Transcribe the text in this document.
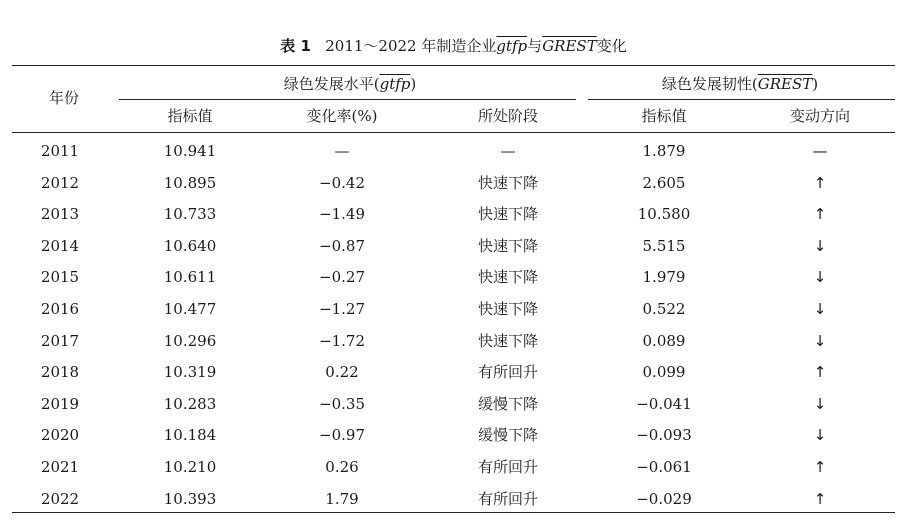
表 1 2011～2022 年制造企业gtfp与GREST变化
年份
绿色发展水平(gtfp)	绿色发展韧性(GREST)
指标值	变化率(%)	所处阶段	指标值	变动方向
2011	10.941	—	—	1.879	—
2012	10.895	−0.42	快速下降	2.605	↑
2013	10.733	−1.49	快速下降	10.580	↑
2014	10.640	−0.87	快速下降	5.515	↓
2015	10.611	−0.27	快速下降	1.979	↓
2016	10.477	−1.27	快速下降	0.522	↓
2017	10.296	−1.72	快速下降	0.089	↓
2018	10.319	0.22	有所回升	0.099	↑
2019	10.283	−0.35	缓慢下降	−0.041	↓
2020	10.184	−0.97	缓慢下降	−0.093	↓
2021	10.210	0.26	有所回升	−0.061	↑
2022	10.393	1.79	有所回升	−0.029	↑
